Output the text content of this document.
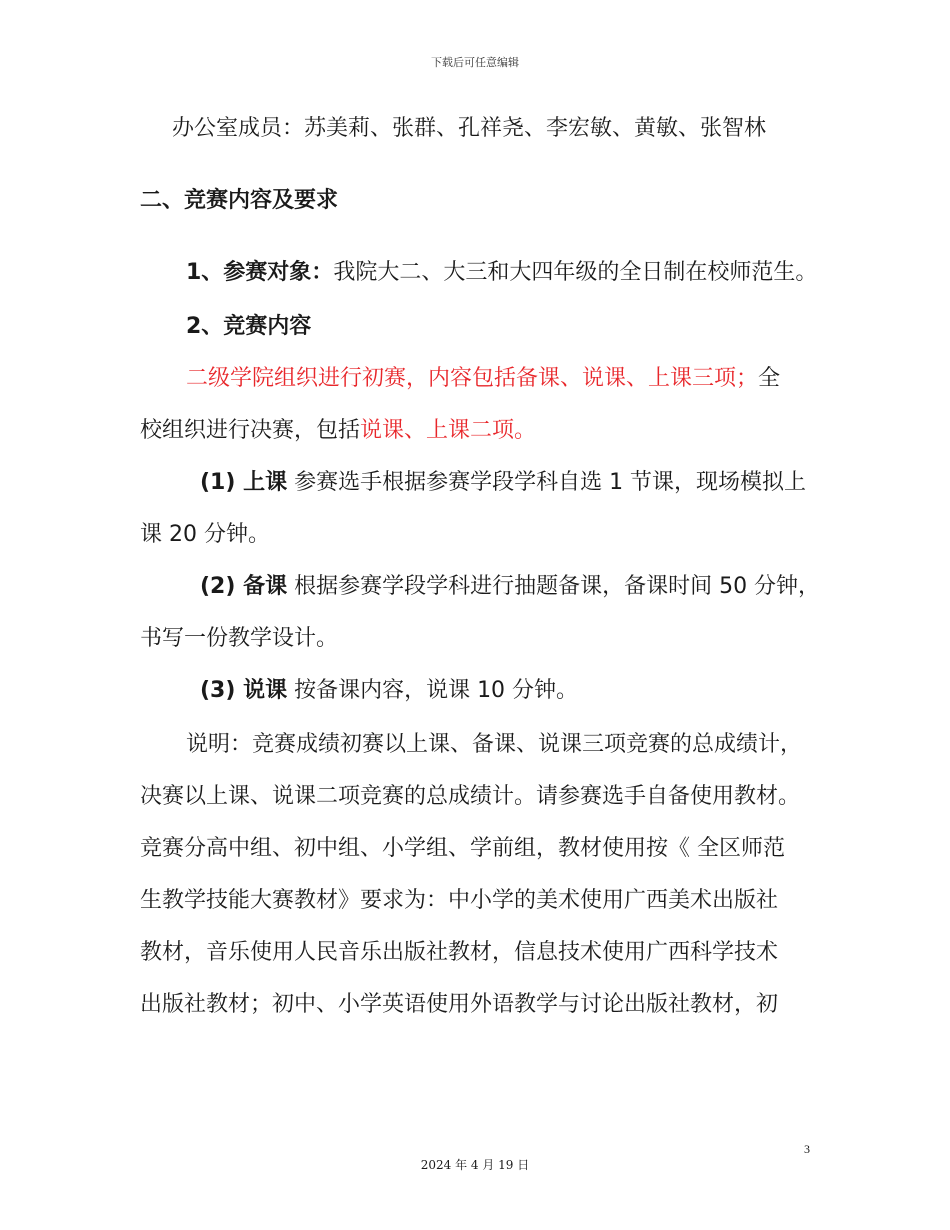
下载后可任意编辑
办公室成员：苏美莉、张群、孔祥尧、李宏敏、黄敏、张智林
二、竞赛内容及要求
1、参赛对象：我院大二、大三和大四年级的全日制在校师范生。
2、竞赛内容
二级学院组织进行初赛，内容包括备课、说课、上课三项；全
校组织进行决赛，包括说课、上课二项。
(1) 上课 参赛选手根据参赛学段学科自选 1 节课，现场模拟上
课 20 分钟。
(2) 备课 根据参赛学段学科进行抽题备课，备课时间 50 分钟，
书写一份教学设计。
(3) 说课 按备课内容，说课 10 分钟。
说明：竞赛成绩初赛以上课、备课、说课三项竞赛的总成绩计，
决赛以上课、说课二项竞赛的总成绩计。请参赛选手自备使用教材。
竞赛分高中组、初中组、小学组、学前组，教材使用按《 全区师范
生教学技能大赛教材》要求为：中小学的美术使用广西美术出版社
教材，音乐使用人民音乐出版社教材，信息技术使用广西科学技术
出版社教材；初中、小学英语使用外语教学与讨论出版社教材，初
3
2024 年 4 月 19 日
